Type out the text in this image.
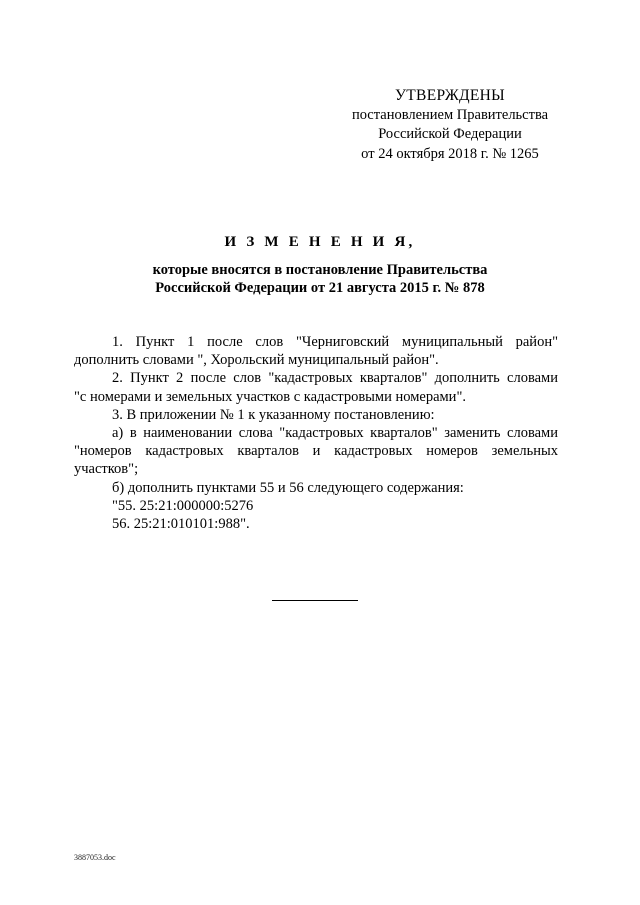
УТВЕРЖДЕНЫ
постановлением Правительства
Российской Федерации
от 24 октября 2018 г. № 1265
И З М Е Н Е Н И Я,
которые вносятся в постановление Правительства
Российской Федерации от 21 августа 2015 г. № 878

1. Пункт 1 после слов "Черниговский муниципальный район"

дополнить словами ", Хорольский муниципальный район".

2. Пункт 2 после слов "кадастровых кварталов" дополнить словами

"с номерами и земельных участков с кадастровыми номерами".

3. В приложении № 1 к указанному постановлению:

а) в наименовании слова "кадастровых кварталов" заменить словами

"номеров кадастровых кварталов и кадастровых номеров земельных

участков";

б) дополнить пунктами 55 и 56 следующего содержания:

"55. 25:21:000000:5276

56. 25:21:010101:988".

3887053.doc
